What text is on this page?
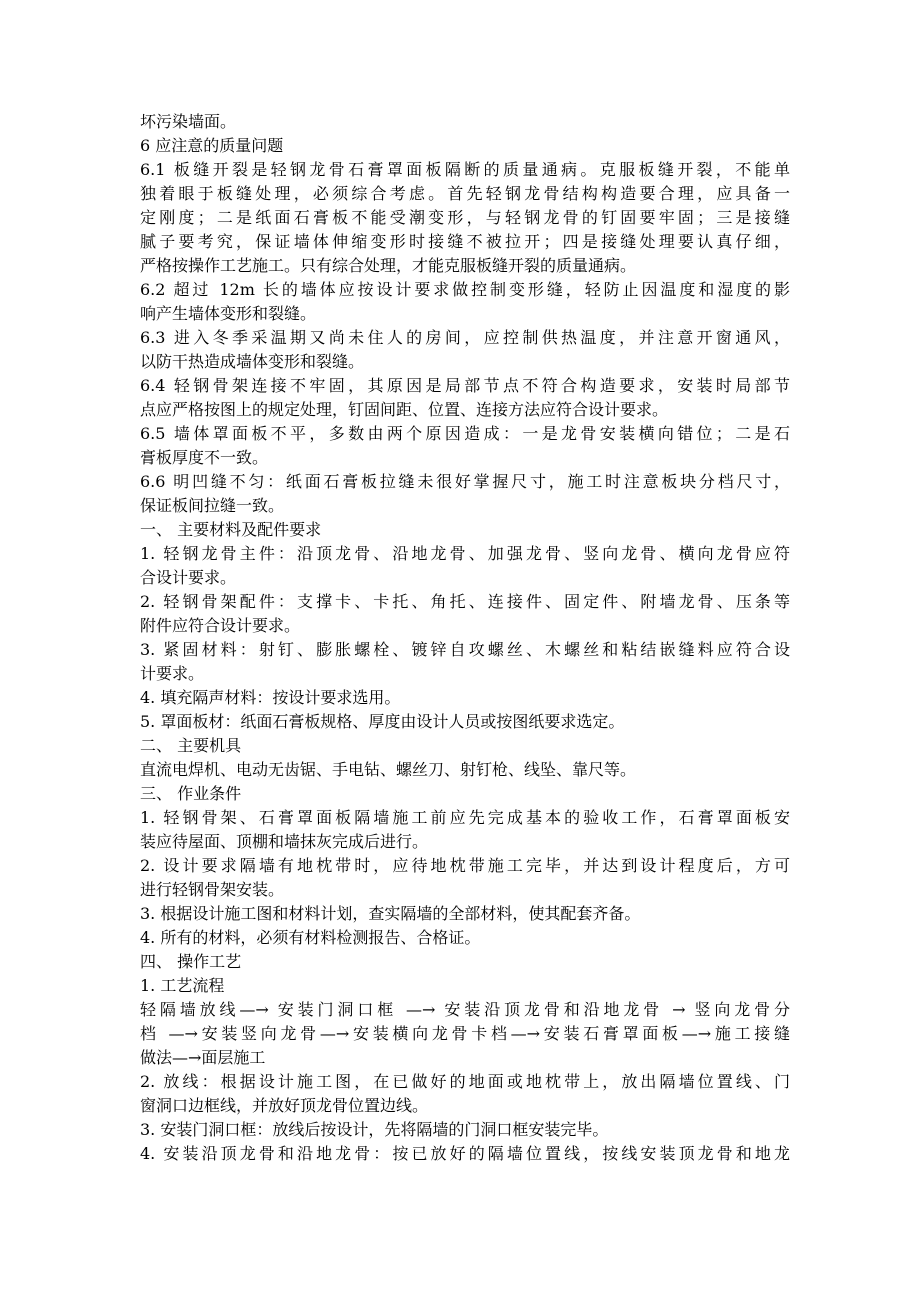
坏污染墙面。
6 应注意的质量问题
6.1 板缝开裂是轻钢龙骨石膏罩面板隔断的质量通病。克服板缝开裂，不能单
独着眼于板缝处理，必须综合考虑。首先轻钢龙骨结构构造要合理，应具备一
定刚度；二是纸面石膏板不能受潮变形，与轻钢龙骨的钉固要牢固；三是接缝
腻子要考究，保证墙体伸缩变形时接缝不被拉开；四是接缝处理要认真仔细，
严格按操作工艺施工。只有综合处理，才能克服板缝开裂的质量通病。
6.2 超过 12m 长的墙体应按设计要求做控制变形缝，轻防止因温度和湿度的影
响产生墙体变形和裂缝。
6.3 进入冬季采温期又尚未住人的房间，应控制供热温度，并注意开窗通风，
以防干热造成墙体变形和裂缝。
6.4 轻钢骨架连接不牢固，其原因是局部节点不符合构造要求，安装时局部节
点应严格按图上的规定处理，钉固间距、位置、连接方法应符合设计要求。
6.5 墙体罩面板不平，多数由两个原因造成：一是龙骨安装横向错位；二是石
膏板厚度不一致。
6.6 明凹缝不匀：纸面石膏板拉缝未很好掌握尺寸，施工时注意板块分档尺寸，
保证板间拉缝一致。
一、 主要材料及配件要求
1. 轻钢龙骨主件：沿顶龙骨、沿地龙骨、加强龙骨、竖向龙骨、横向龙骨应符
合设计要求。
2. 轻钢骨架配件：支撑卡、卡托、角托、连接件、固定件、附墙龙骨、压条等
附件应符合设计要求。
3. 紧固材料：射钉、膨胀螺栓、镀锌自攻螺丝、木螺丝和粘结嵌缝料应符合设
计要求。
4. 填充隔声材料：按设计要求选用。
5. 罩面板材：纸面石膏板规格、厚度由设计人员或按图纸要求选定。
二、 主要机具
直流电焊机、电动无齿锯、手电钻、螺丝刀、射钉枪、线坠、靠尺等。
三、 作业条件
1. 轻钢骨架、石膏罩面板隔墙施工前应先完成基本的验收工作，石膏罩面板安
装应待屋面、顶棚和墙抹灰完成后进行。
2. 设计要求隔墙有地枕带时，应待地枕带施工完毕，并达到设计程度后，方可
进行轻钢骨架安装。
3. 根据设计施工图和材料计划，查实隔墙的全部材料，使其配套齐备。
4. 所有的材料，必须有材料检测报告、合格证。
四、 操作工艺
1. 工艺流程
轻隔墙放线—→ 安装门洞口框 —→ 安装沿顶龙骨和沿地龙骨 → 竖向龙骨分
档 —→安装竖向龙骨—→安装横向龙骨卡档—→安装石膏罩面板—→施工接缝
做法—→面层施工
2. 放线：根据设计施工图，在已做好的地面或地枕带上，放出隔墙位置线、门
窗洞口边框线，并放好顶龙骨位置边线。
3. 安装门洞口框：放线后按设计，先将隔墙的门洞口框安装完毕。
4. 安装沿顶龙骨和沿地龙骨：按已放好的隔墙位置线，按线安装顶龙骨和地龙
